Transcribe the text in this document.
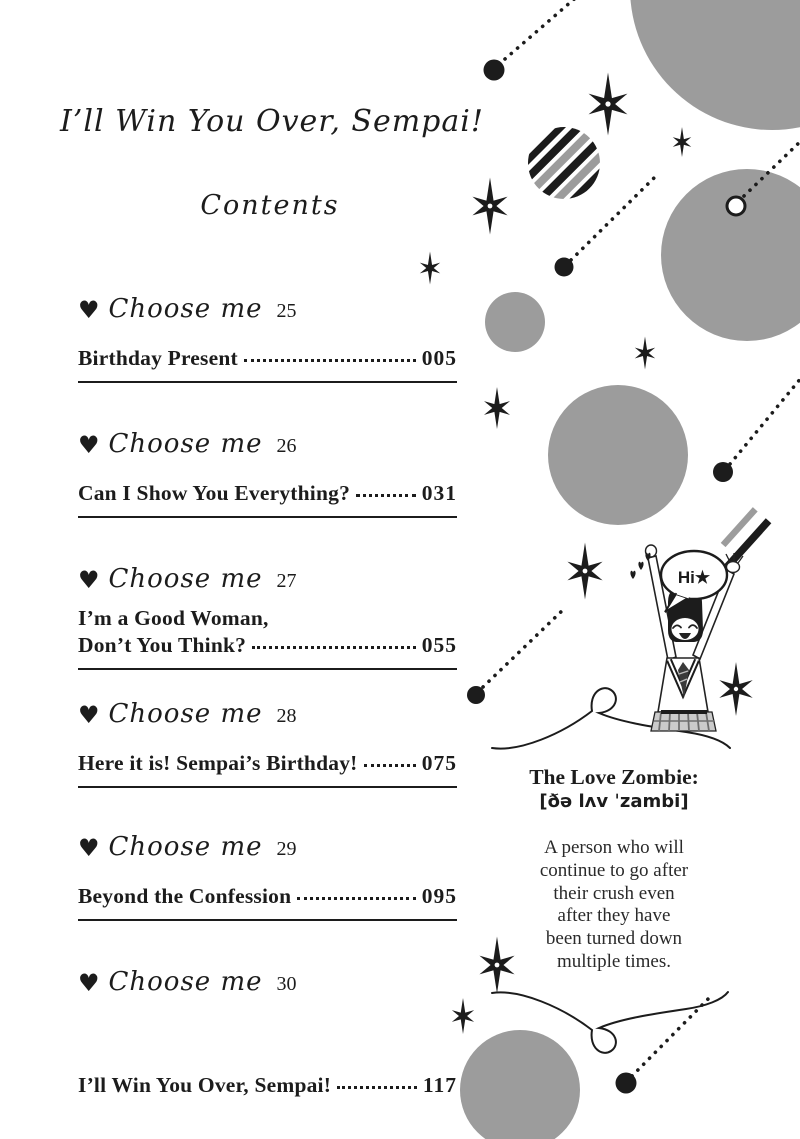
Hi★
I’ll Win You Over, Sempai!
Contents
♥ Choose me 25
Birthday Present	005
♥ Choose me 26
Can I Show You Everything?	031
♥ Choose me 27
I’m a Good Woman,
Don’t You Think?	055
♥ Choose me 28
Here it is! Sempai’s Birthday!	075
♥ Choose me 29
Beyond the Confession	095
♥ Choose me 30
I’ll Win You Over, Sempai!	117
The Love Zombie:
[ðə lʌv ˈzambi]
A person who will
continue to go after
their crush even
after they have
been turned down
multiple times.
